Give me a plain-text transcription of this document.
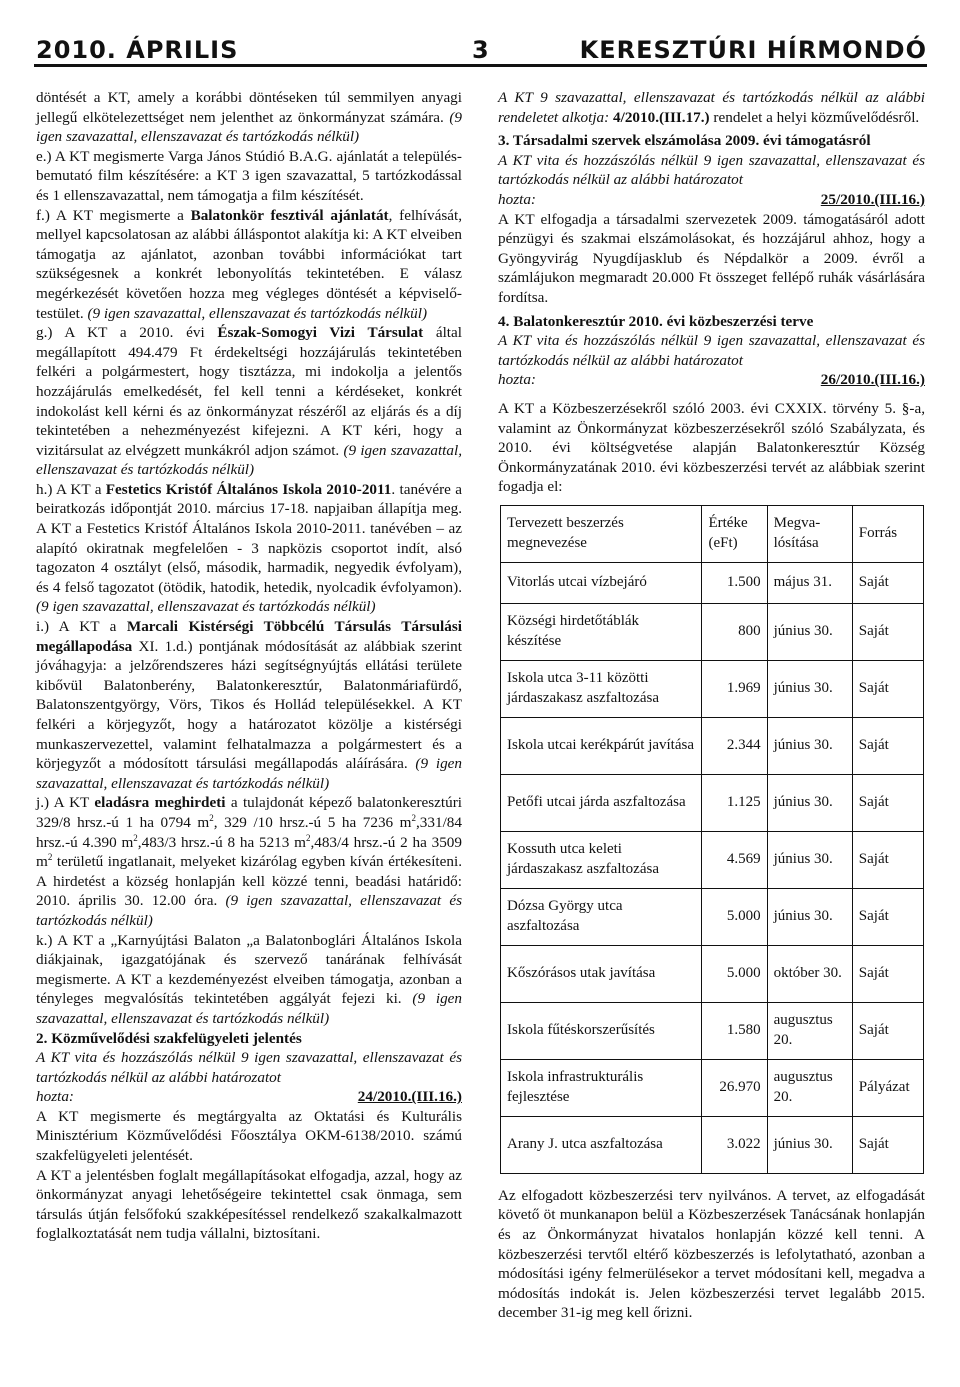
2010. ÁPRILIS	3	KERESZTÚRI HÍRMONDÓ

döntését a KT, amely a korábbi döntéseken túl semmilyen anyagi jellegű elkötelezettséget nem jelenthet az önkormányzat számára. (9 igen szavazattal, ellenszavazat és tartózkodás nélkül)

e.) A KT megismerte Varga János Stúdió B.A.G. ajánlatát a település-bemutató film készítésére: a KT 3 igen szavazattal, 5 tartózkodással és 1 ellenszavazattal, nem támogatja a film készítését.

f.) A KT megismerte a Balatonkör fesztivál ajánlatát, felhívását, mellyel kapcsolatosan az alábbi álláspontot alakítja ki: A KT elveiben támogatja az ajánlatot, azonban további információkat tart szükségesnek a konkrét lebonyolítás tekintetében. E válasz megérkezését követően hozza meg végleges döntését a képviselő-testület. (9 igen szavazattal, ellenszavazat és tartózkodás nélkül)

g.) A KT a 2010. évi Észak-Somogyi Vizi Társulat által megállapított 494.479 Ft érdekeltségi hozzájárulás tekintetében felkéri a polgármestert, hogy tisztázza, mi indokolja a jelentős hozzájárulás emelkedését, fel kell tenni a kérdéseket, konkrét indokolást kell kérni és az önkormányzat részéről az eljárás és a díj tekintetében a nehezményezést kifejezni. A KT kéri, hogy a vizitársulat az elvégzett munkákról adjon számot. (9 igen szavazattal, ellenszavazat és tartózkodás nélkül)

h.) A KT a Festetics Kristóf Általános Iskola 2010-2011. tanévére a beiratkozás időpontját 2010. március 17-18. napjaiban állapítja meg. A KT a Festetics Kristóf Általános Iskola 2010-2011. tanévében – az alapító okiratnak megfelelően - 3 napközis csoportot indít, alsó tagozaton 4 osztályt (első, második, harmadik, negyedik évfolyam), és 4 felső tagozatot (ötödik, hatodik, hetedik, nyolcadik évfolyamon). (9 igen szavazattal, ellenszavazat és tartózkodás nélkül)

i.) A KT a Marcali Kistérségi Többcélú Társulás Társulási megállapodása XI. 1.d.) pontjának módosítását az alábbiak szerint jóváhagyja: a jelzőrendszeres házi segítségnyújtás ellátási területe kibővül Balatonberény, Balatonkeresztúr, Balatonmáriafürdő, Balatonszentgyörgy, Vörs, Tikos és Hollád településekkel. A KT felkéri a körjegyzőt, hogy a határozatot közölje a kistérségi munkaszervezettel, valamint felhatalmazza a polgármestert és a körjegyzőt a módosított társulási megállapodás aláírására. (9 igen szavazattal, ellenszavazat és tartózkodás nélkül)

j.) A KT eladásra meghirdeti a tulajdonát képező balatonkeresztúri 329/8 hrsz.-ú 1 ha 0794 $m^2$, 329 /10 hrsz.-ú 5 ha 7236 $m^2,331/84$ hrsz.-ú 4.390 $m^2,483/3$ hrsz.-ú 8 ha 5213 $m^2,483/4$ hrsz.-ú 2 ha 3509 $m^2$ területű ingatlanait, melyeket kizárólag egyben kíván értékesíteni. A hirdetést a község honlapján kell közzé tenni, beadási határidő: 2010. április 30. 12.00 óra. (9 igen szavazattal, ellenszavazat és tartózkodás nélkül)

k.) A KT a „Karnyújtási Balaton „a Balatonboglári Általános Iskola diákjainak, igazgatójának és szervező tanárának felhívását megismerte. A KT a kezdeményezést elveiben támogatja, azonban a tényleges megvalósítás tekintetében aggályát fejezi ki. (9 igen szavazattal, ellenszavazat és tartózkodás nélkül)

2. Közművelődési szakfelügyeleti jelentés

A KT vita és hozzászólás nélkül 9 igen szavazattal, ellenszavazat és tartózkodás nélkül az alábbi határozatot

hozta:	24/2010.(III.16.)

A KT megismerte és megtárgyalta az Oktatási és Kulturális Minisztérium Közművelődési Főosztálya OKM-6138/2010. számú szakfelügyeleti jelentését.

A KT a jelentésben foglalt megállapításokat elfogadja, azzal, hogy az önkormányzat anyagi lehetőségeire tekintettel csak önmaga, sem társulás útján felsőfokú szakképesítéssel rendelkező szakalkalmazott foglalkoztatását nem tudja vállalni, biztosítani.

A KT 9 szavazattal, ellenszavazat és tartózkodás nélkül az alábbi rendeletet alkotja: 4/2010.(III.17.) rendelet a helyi közművelődésről.

3. Társadalmi szervek elszámolása 2009. évi támogatásról

A KT vita és hozzászólás nélkül 9 igen szavazattal, ellenszavazat és tartózkodás nélkül az alábbi határozatot

hozta:	25/2010.(III.16.)

A KT elfogadja a társadalmi szervezetek 2009. támogatásáról adott pénzügyi és szakmai elszámolásokat, és hozzájárul ahhoz, hogy a Gyöngyvirág Nyugdíjasklub és Népdalkör a 2009. évről a számlájukon megmaradt 20.000 Ft összeget fellépő ruhák vásárlására fordítsa.

4. Balatonkeresztúr 2010. évi közbeszerzési terve

A KT vita és hozzászólás nélkül 9 igen szavazattal, ellenszavazat és tartózkodás nélkül az alábbi határozatot

hozta:	26/2010.(III.16.)

A KT a Közbeszerzésekről szóló 2003. évi CXXIX. törvény 5. §-a, valamint az Önkormányzat közbeszerzésekről szóló Szabályzata, és 2010. évi költségvetése alapján Balatonkeresztúr Község Önkormányzatának 2010. évi közbeszerzési tervét az alábbiak szerint fogadja el:

Tervezett beszerzés megnevezése	Értéke (eFt)	Megva-lósítása	Forrás
Vitorlás utcai vízbejáró	1.500	május 31.	Saját
Községi hirdetőtáblák készítése	800	június 30.	Saját
Iskola utca 3-11 közötti járdaszakasz aszfaltozása	1.969	június 30.	Saját
Iskola utcai kerékpárút javítása	2.344	június 30.	Saját
Petőfi utcai járda aszfaltozása	1.125	június 30.	Saját
Kossuth utca keleti járdaszakasz aszfaltozása	4.569	június 30.	Saját
Dózsa György utca aszfaltozása	5.000	június 30.	Saját
Kőszórásos utak javítása	5.000	október 30.	Saját
Iskola fűtéskorszerűsítés	1.580	augusztus 20.	Saját
Iskola infrastrukturális fejlesztése	26.970	augusztus 20.	Pályázat
Arany J. utca aszfaltozása	3.022	június 30.	Saját

Az elfogadott közbeszerzési terv nyilvános. A tervet, az elfogadását követő öt munkanapon belül a Közbeszerzések Tanácsának honlapján és az Önkormányzat hivatalos honlapján közzé kell tenni. A közbeszerzési tervtől eltérő közbeszerzés is lefolytatható, azonban a módosítási igény felmerülésekor a tervet módosítani kell, megadva a módosítás indokát is. Jelen közbeszerzési tervet legalább 2015. december 31-ig meg kell őrizni.
